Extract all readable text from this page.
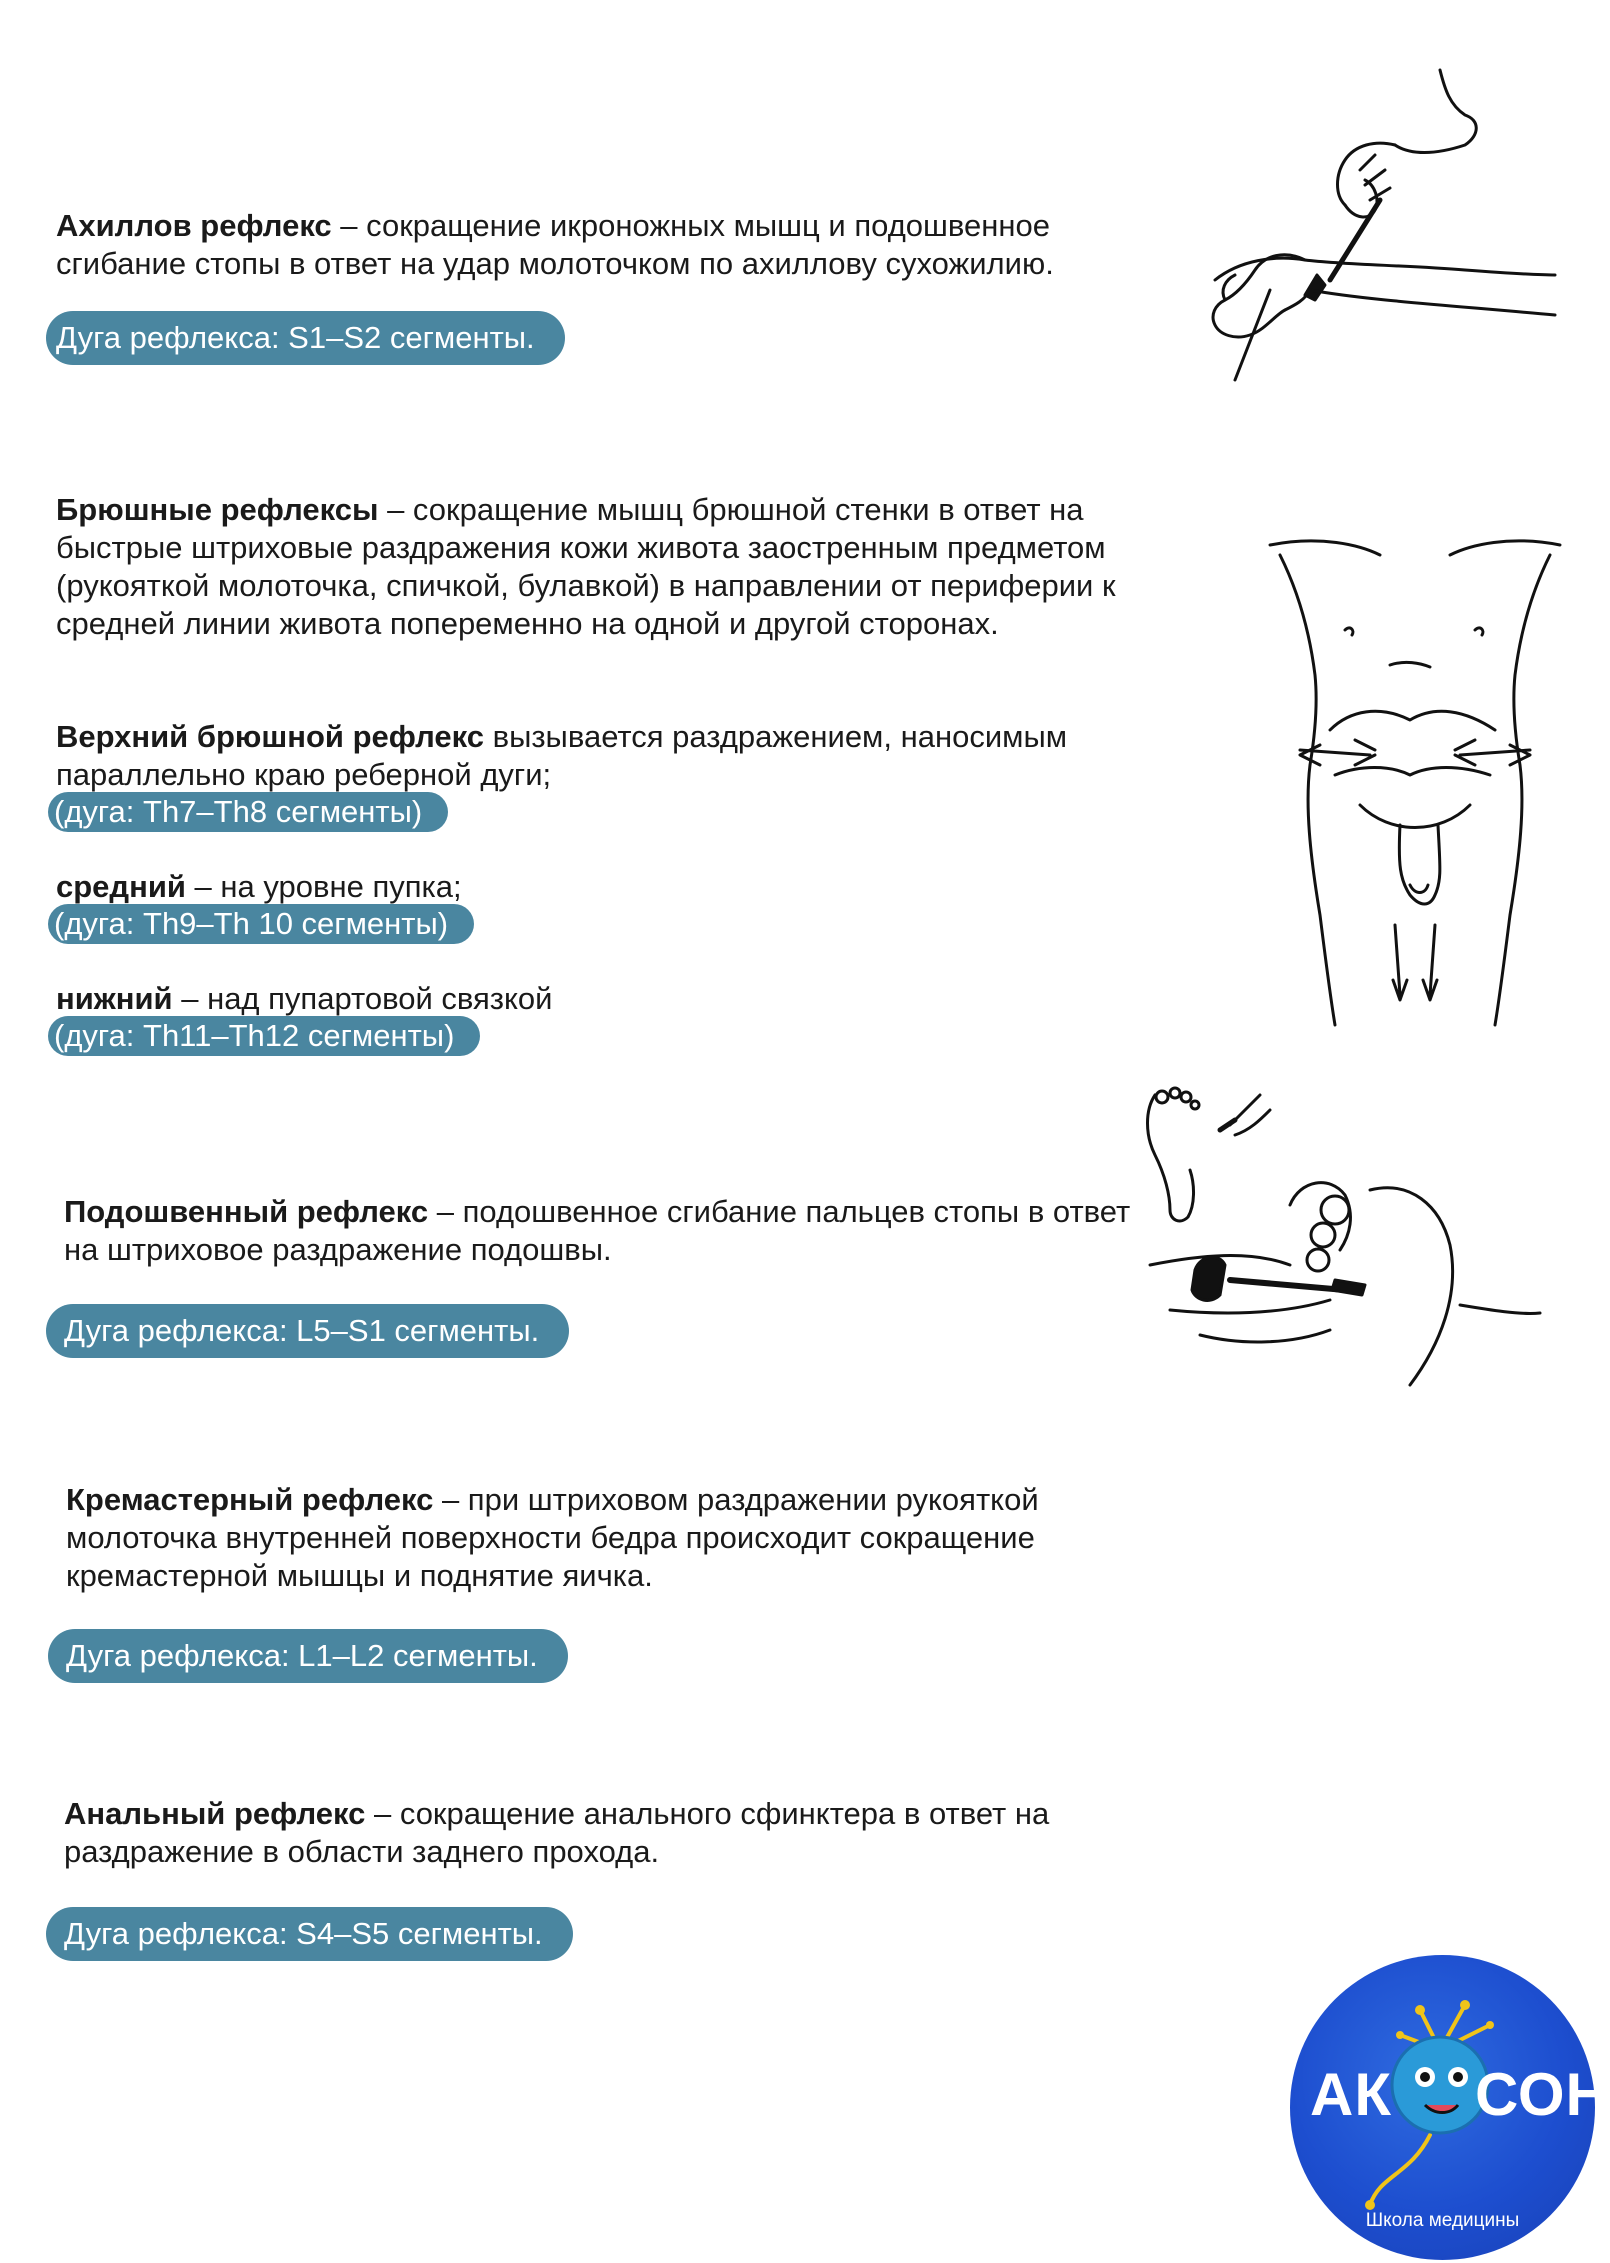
Ахиллов рефлекс – сокращение икроножных мышц и подошвенное сгибание стопы в ответ на удар молоточком по ахиллову сухожилию.

Дуга рефлекса: S1–S2 сегменты.

Брюшные рефлексы – сокращение мышц брюшной стенки в ответ на быстрые штриховые раздражения кожи живота заостренным предметом (рукояткой молоточка, спичкой, булавкой) в направлении от периферии к средней линии живота попеременно на одной и другой сторонах.

Верхний брюшной рефлекс вызывается раздражением, наносимым параллельно краю реберной дуги;

(дуга: Th7–Th8 сегменты)

средний – на уровне пупка;

(дуга: Th9–Th 10 сегменты)

нижний – над пупартовой связкой

(дуга: Th11–Th12 сегменты)

Подошвенный рефлекс – подошвенное сгибание пальцев стопы в ответ на штриховое раздражение подошвы.

Дуга рефлекса: L5–S1 сегменты.

Кремастерный рефлекс – при штриховом раздражении рукояткой молоточка внутренней поверхности бедра происходит сокращение кремастерной мышцы и поднятие яичка.

Дуга рефлекса: L1–L2 сегменты.

Анальный рефлекс – сокращение анального сфинктера в ответ на раздражение в области заднего прохода.

Дуга рефлекса: S4–S5 сегменты.
АК СОН
Школа медицины
